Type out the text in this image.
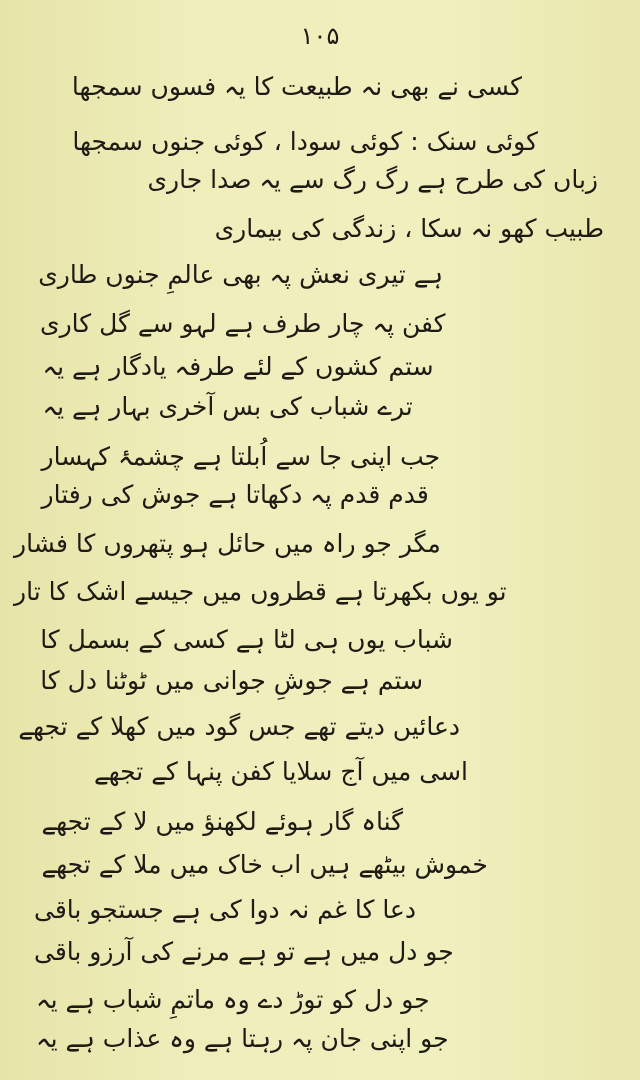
۱۰۵
کسی نے بھی نہ طبیعت کا یہ فسوں سمجھا
کوئی سنک : کوئی سودا ، کوئی جنوں سمجھا
زباں کی طرح ہے رگ رگ سے یہ صدا جاری
طبیب کھو نہ سکا ، زندگی کی بیماری
ہے تیری نعش پہ بھی عالمِ جنوں طاری
کفن پہ چار طرف ہے لہو سے گل کاری
ستم کشوں کے لئے طرفہ یادگار ہے یہ
ترے شباب کی بس آخری بہار ہے یہ
جب اپنی جا سے اُبلتا ہے چشمۂ کہسار
قدم قدم پہ دکھاتا ہے جوش کی رفتار
مگر جو راہ میں حائل ہو پتھروں کا فشار
تو یوں بکھرتا ہے قطروں میں جیسے اشک کا تار
شباب یوں ہی لٹا ہے کسی کے بسمل کا
ستم ہے جوشِ جوانی میں ٹوٹنا دل کا
دعائیں دیتے تھے جس گود میں کھلا کے تجھے
اسی میں آج سلایا کفن پنہا کے تجھے
گناہ گار ہوئے لکھنؤ میں لا کے تجھے
خموش بیٹھے ہیں اب خاک میں ملا کے تجھے
دعا کا غم نہ دوا کی ہے جستجو باقی
جو دل میں ہے تو ہے مرنے کی آرزو باقی
جو دل کو توڑ دے وہ ماتمِ شباب ہے یہ
جو اپنی جان پہ رہتا ہے وہ عذاب ہے یہ
